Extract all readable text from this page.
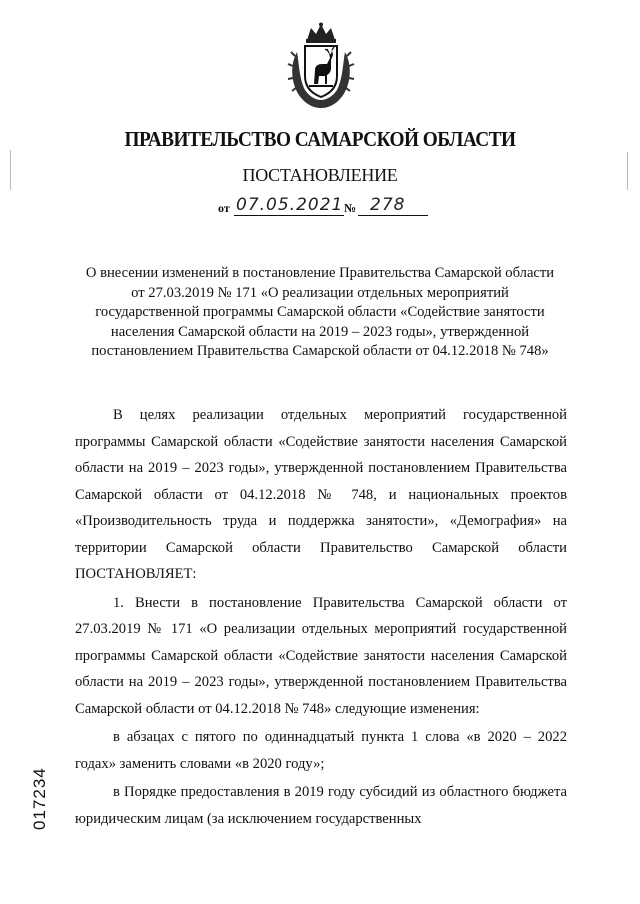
ПРАВИТЕЛЬСТВО САМАРСКОЙ ОБЛАСТИ
ПОСТАНОВЛЕНИЕ
от 07.05.2021 № 278
О внесении изменений в постановление Правительства Самарской области
от 27.03.2019 № 171 «О реализации отдельных мероприятий
государственной программы Самарской области «Содействие занятости
населения Самарской области на 2019 – 2023 годы», утвержденной
постановлением Правительства Самарской области от 04.12.2018 № 748»

В целях реализации отдельных мероприятий государственной программы Самарской области «Содействие занятости населения Самарской области на 2019 – 2023 годы», утвержденной постановлением Правительства Самарской области от 04.12.2018 № 748, и национальных проектов «Производительность труда и поддержка занятости», «Демография» на территории Самарской области Правительство Самарской области ПОСТАНОВЛЯЕТ:

1. Внести в постановление Правительства Самарской области от 27.03.2019 № 171 «О реализации отдельных мероприятий государственной программы Самарской области «Содействие занятости населения Самарской области на 2019 – 2023 годы», утвержденной постановлением Правительства Самарской области от 04.12.2018 № 748» следующие изменения:

в абзацах с пятого по одиннадцатый пункта 1 слова «в 2020 – 2022 годах» заменить словами «в 2020 году»;

в Порядке предоставления в 2019 году субсидий из областного бюджета юридическим лицам (за исключением государственных

017234
